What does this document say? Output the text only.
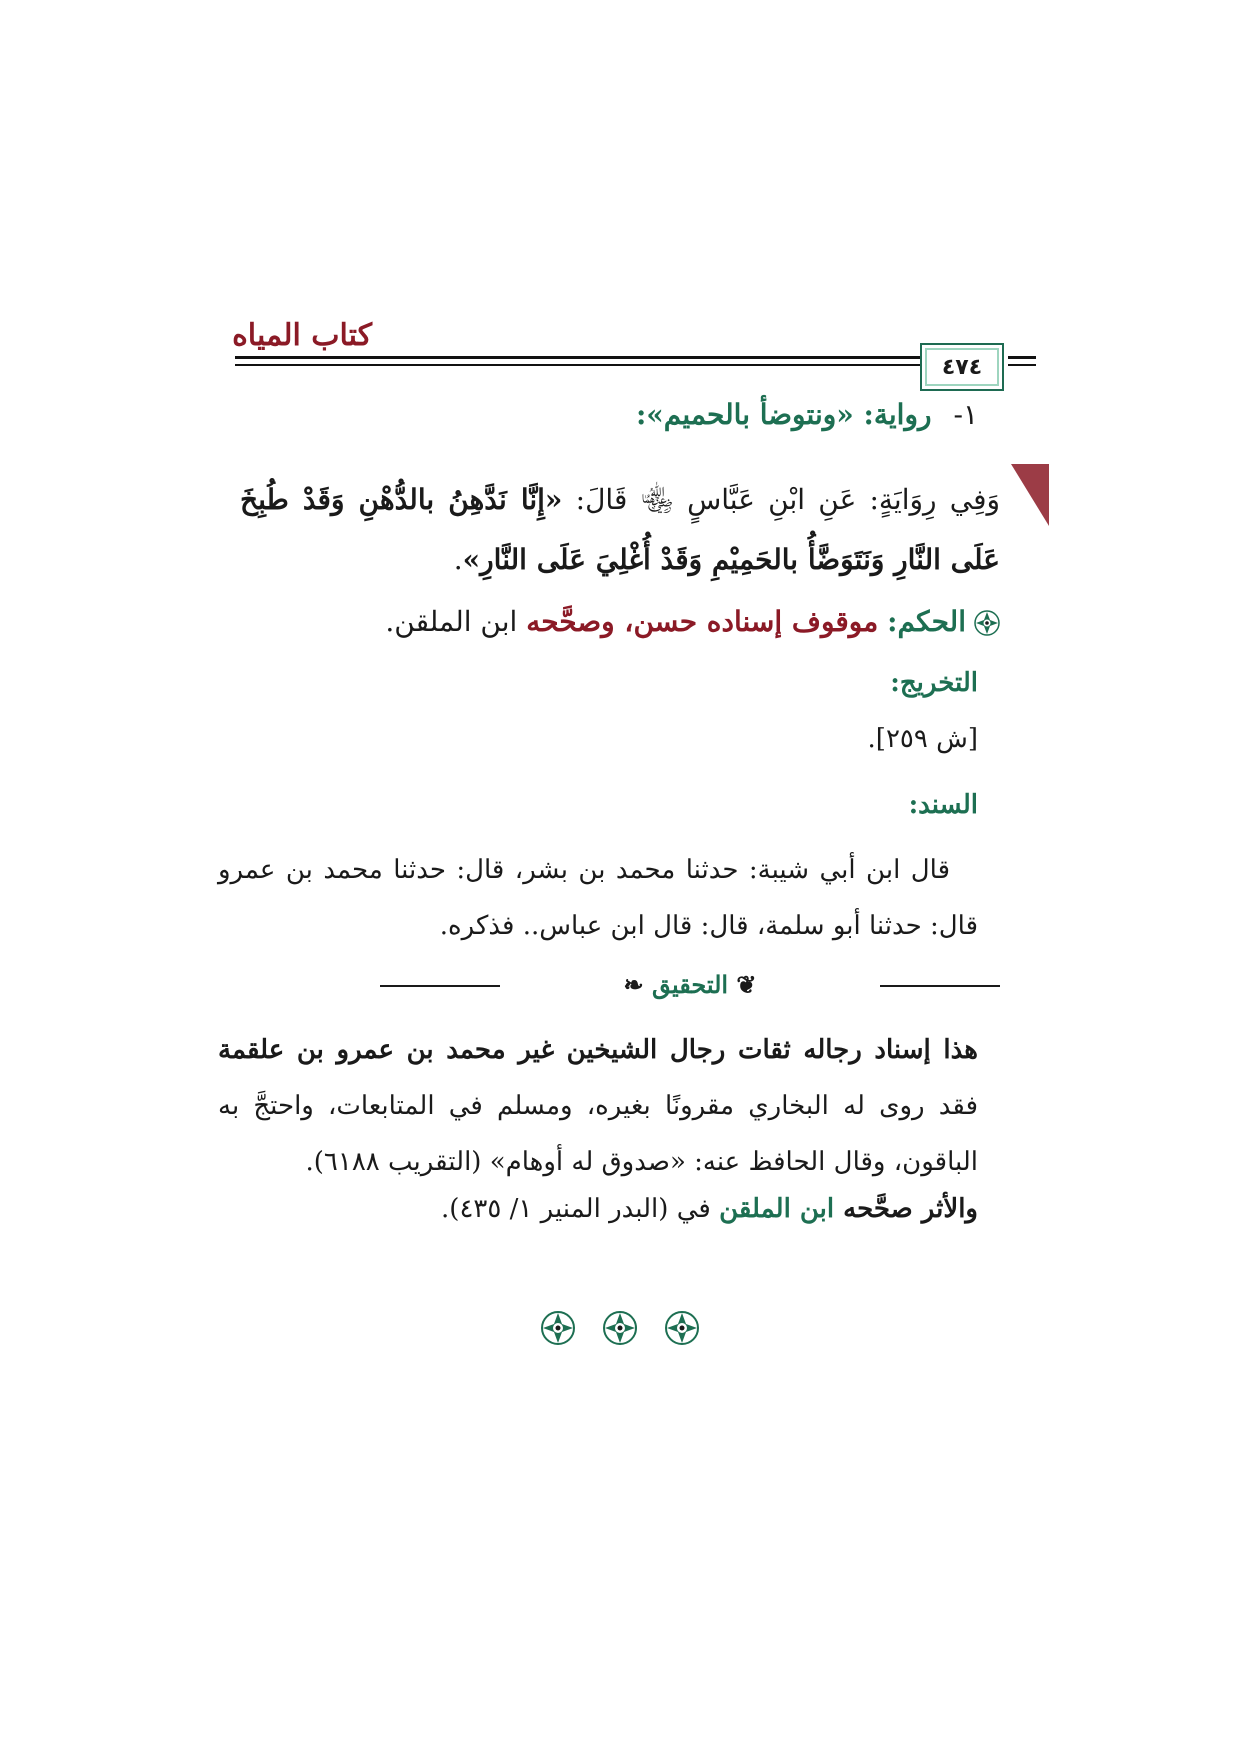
كتاب المياه
٤٧٤
١-رواية: «ونتوضأ بالحميم»:
وَفِي رِوَايَةٍ: عَنِ ابْنِ عَبَّاسٍ ﵄ قَالَ: «إِنَّا نَدَّهِنُ بالدُّهْنِ وَقَدْ طُبِخَ عَلَى النَّارِ وَنَتَوَضَّأُ بالحَمِيْمِ وَقَدْ أُغْلِيَ عَلَى النَّارِ».
الحكم: موقوف إسناده حسن، وصحَّحه ابن الملقن.
التخريج:
[ش ٢٥٩].
السند:
قال ابن أبي شيبة: حدثنا محمد بن بشر، قال: حدثنا محمد بن عمرو قال: حدثنا أبو سلمة، قال: قال ابن عباس.. فذكره.
❦ التحقيق ❧
هذا إسناد رجاله ثقات رجال الشيخين غير محمد بن عمرو بن علقمة فقد روى له البخاري مقرونًا بغيره، ومسلم في المتابعات، واحتجَّ به الباقون، وقال الحافظ عنه: «صدوق له أوهام» (التقريب ٦١٨٨).
والأثر صحَّحه ابن الملقن في (البدر المنير ١/ ٤٣٥).
